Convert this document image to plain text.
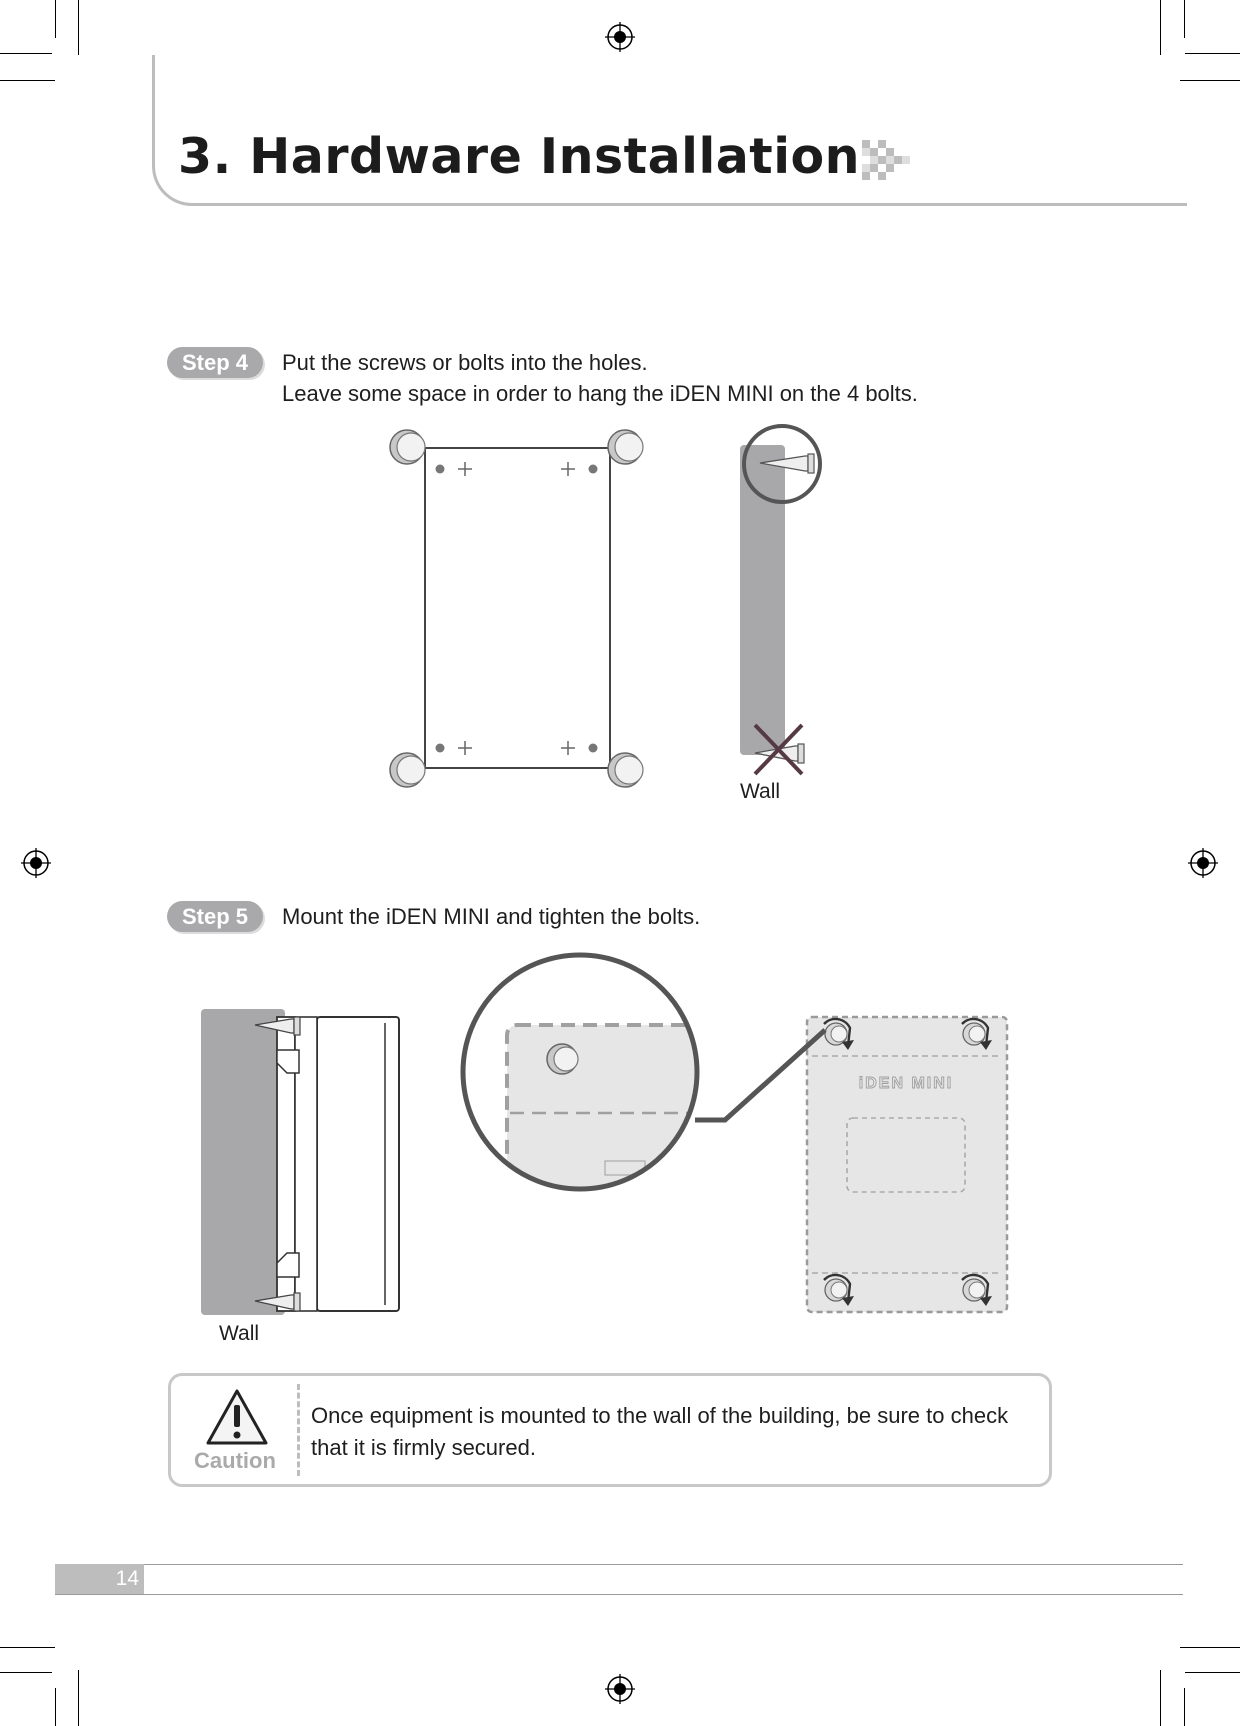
3. Hardware Installation
Step 4	Put the screws or bolts into the holes.
Leave some space in order to hang the iDEN MINI on the 4 bolts.
Wall
Step 5	Mount the iDEN MINI and tighten the bolts.
Wall
iDEN MINI
Caution
Once equipment is mounted to the wall of the building, be sure to check that it is firmly secured.
14
